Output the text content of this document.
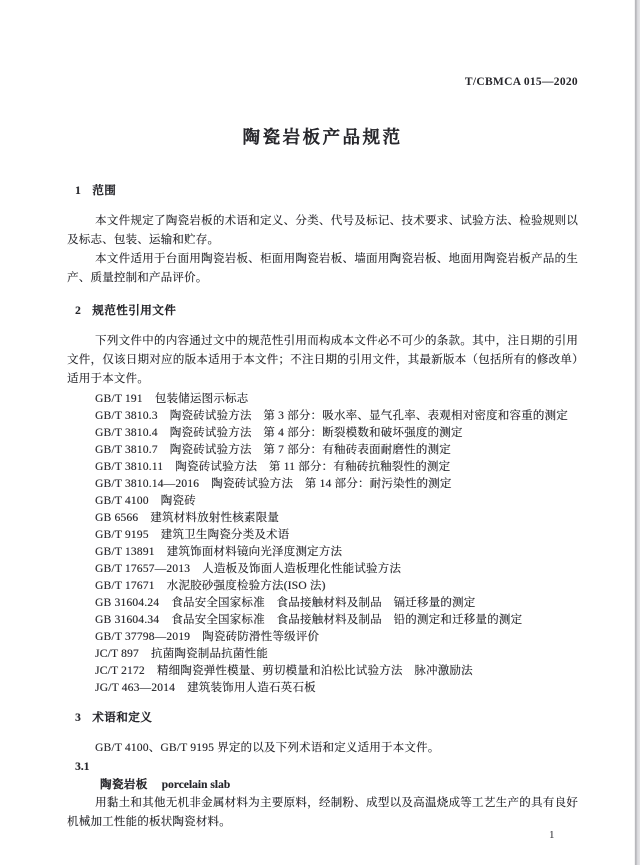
T/CBMCA 015—2020
陶瓷岩板产品规范
1 范围

本文件规定了陶瓷岩板的术语和定义、分类、代号及标记、技术要求、试验方法、检验规则以及标志、包装、运输和贮存。

本文件适用于台面用陶瓷岩板、柜面用陶瓷岩板、墙面用陶瓷岩板、地面用陶瓷岩板产品的生产、质量控制和产品评价。

2 规范性引用文件

下列文件中的内容通过文中的规范性引用而构成本文件必不可少的条款。其中，注日期的引用文件，仅该日期对应的版本适用于本文件；不注日期的引用文件，其最新版本（包括所有的修改单）适用于本文件。

GB/T 191 包装储运图示标志
GB/T 3810.3 陶瓷砖试验方法　第 3 部分：吸水率、显气孔率、表观相对密度和容重的测定
GB/T 3810.4 陶瓷砖试验方法　第 4 部分：断裂模数和破坏强度的测定
GB/T 3810.7 陶瓷砖试验方法　第 7 部分：有釉砖表面耐磨性的测定
GB/T 3810.11 陶瓷砖试验方法　第 11 部分：有釉砖抗釉裂性的测定
GB/T 3810.14—2016 陶瓷砖试验方法　第 14 部分：耐污染性的测定
GB/T 4100 陶瓷砖
GB 6566 建筑材料放射性核素限量
GB/T 9195 建筑卫生陶瓷分类及术语
GB/T 13891 建筑饰面材料镜向光泽度测定方法
GB/T 17657—2013 人造板及饰面人造板理化性能试验方法
GB/T 17671 水泥胶砂强度检验方法(ISO 法)
GB 31604.24 食品安全国家标准　食品接触材料及制品　镉迁移量的测定
GB 31604.34 食品安全国家标准　食品接触材料及制品　铅的测定和迁移量的测定
GB/T 37798—2019 陶瓷砖防滑性等级评价
JC/T 897 抗菌陶瓷制品抗菌性能
JC/T 2172 精细陶瓷弹性模量、剪切模量和泊松比试验方法　脉冲激励法
JG/T 463—2014 建筑装饰用人造石英石板
3 术语和定义

GB/T 4100、GB/T 9195 界定的以及下列术语和定义适用于本文件。

3.1
陶瓷岩板 porcelain slab

用黏土和其他无机非金属材料为主要原料，经制粉、成型以及高温烧成等工艺生产的具有良好机械加工性能的板状陶瓷材料。

1
